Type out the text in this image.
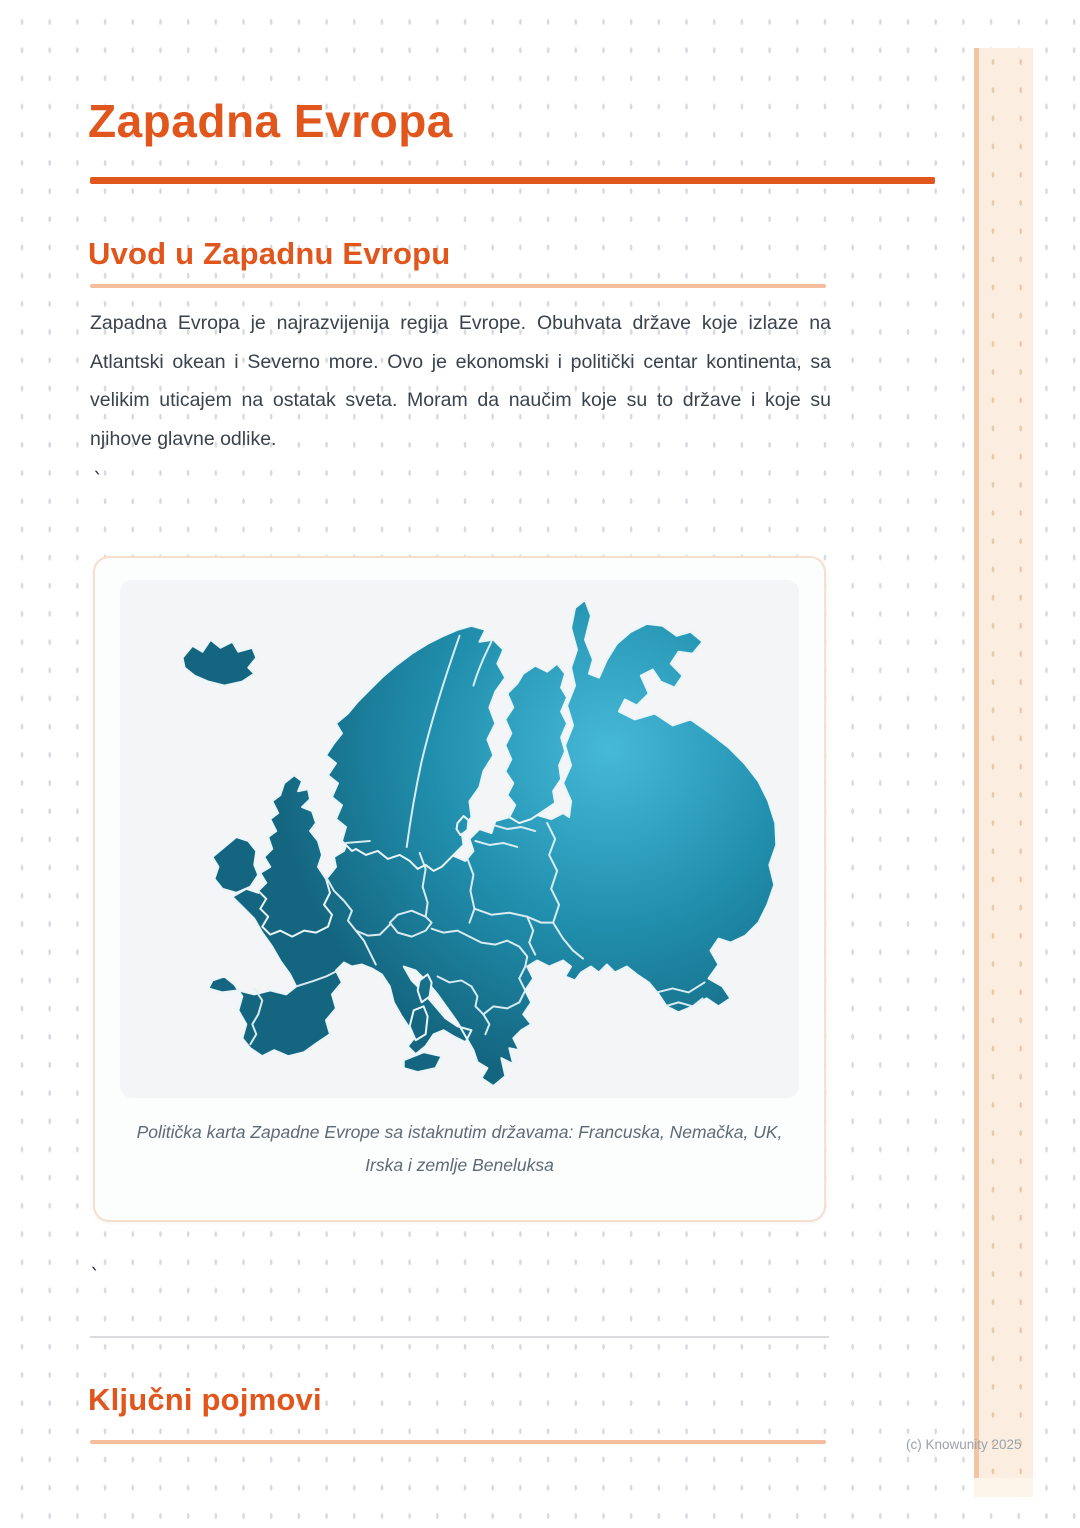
Zapadna Evropa
Uvod u Zapadnu Evropu

Zapadna Evropa je najrazvijenija regija Evrope. Obuhvata države koje izlaze na Atlantski okean i Severno more. Ovo je ekonomski i politički centar kontinenta, sa velikim uticajem na ostatak sveta. Moram da naučim koje su to države i koje su njihove glavne odlike.

`
Politička karta Zapadne Evrope sa istaknutim državama: Francuska, Nemačka, UK, Irska i zemlje Beneluksa
`
Ključni pojmovi
(c) Knowunity 2025
